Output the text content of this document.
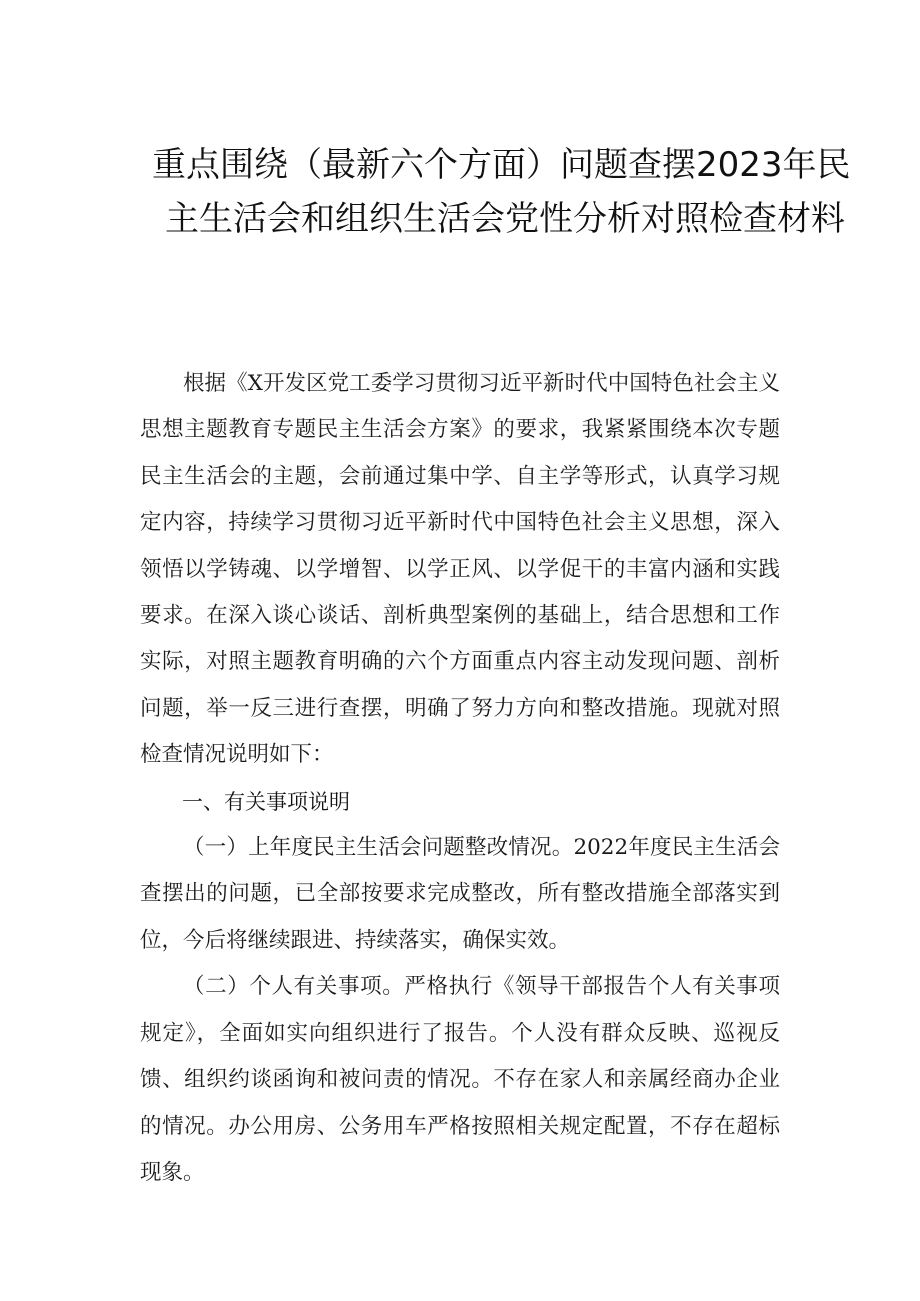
重点围绕（最新六个方面）问题查摆2023年民
主生活会和组织生活会党性分析对照检查材料

根据《X开发区党工委学习贯彻习近平新时代中国特色社会主义思想主题教育专题民主生活会方案》的要求，我紧紧围绕本次专题民主生活会的主题，会前通过集中学、自主学等形式，认真学习规定内容，持续学习贯彻习近平新时代中国特色社会主义思想，深入领悟以学铸魂、以学增智、以学正风、以学促干的丰富内涵和实践要求。在深入谈心谈话、剖析典型案例的基础上，结合思想和工作实际，对照主题教育明确的六个方面重点内容主动发现问题、剖析问题，举一反三进行查摆，明确了努力方向和整改措施。现就对照检查情况说明如下：

一、有关事项说明

（一）上年度民主生活会问题整改情况。2022年度民主生活会查摆出的问题，已全部按要求完成整改，所有整改措施全部落实到位，今后将继续跟进、持续落实，确保实效。

（二）个人有关事项。严格执行《领导干部报告个人有关事项规定》，全面如实向组织进行了报告。个人没有群众反映、巡视反馈、组织约谈函询和被问责的情况。不存在家人和亲属经商办企业的情况。办公用房、公务用车严格按照相关规定配置，不存在超标现象。
